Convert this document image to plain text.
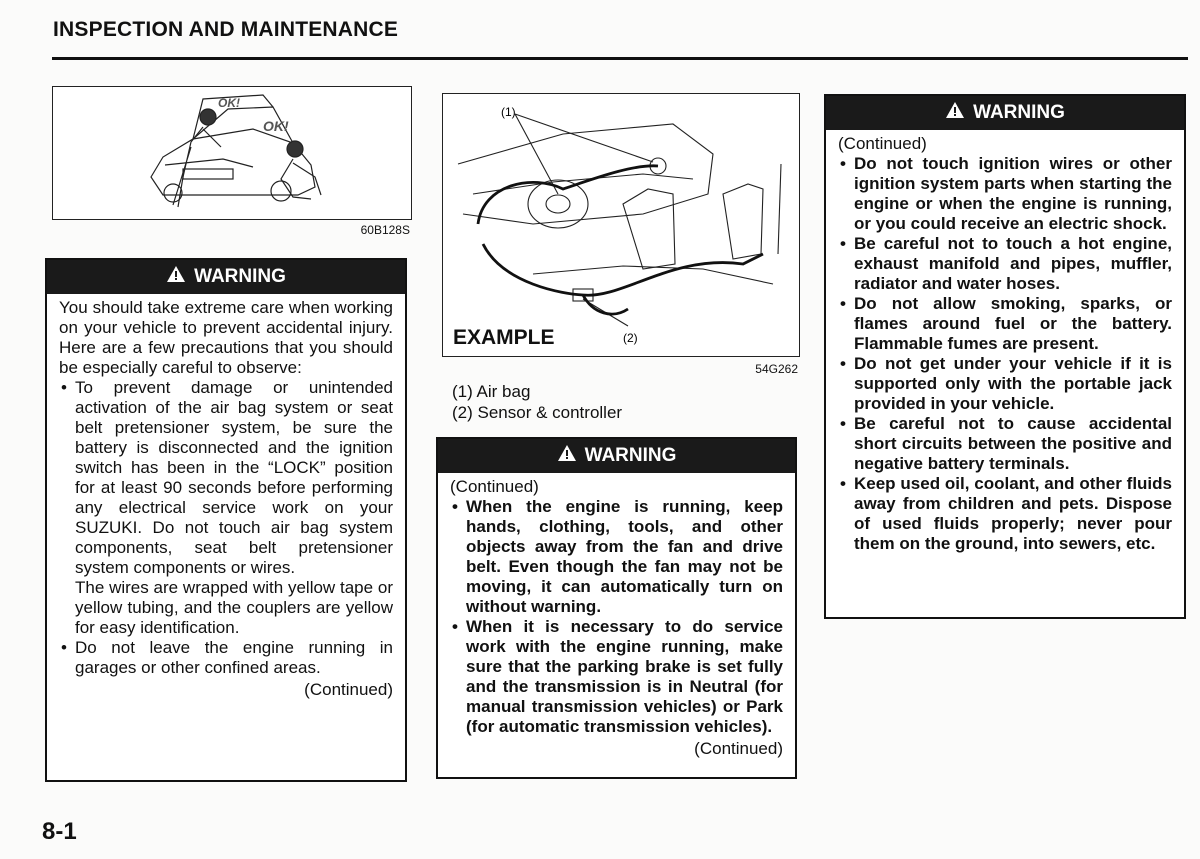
INSPECTION AND MAINTENANCE
OK!
OK!
60B128S
WARNING
You should take extreme care when working on your vehicle to prevent accidental injury. Here are a few precautions that you should be especially careful to observe:
• To prevent damage or unintended activation of the air bag system or seat belt pretensioner system, be sure the battery is disconnected and the ignition switch has been in the “LOCK” position for at least 90 seconds before performing any electrical service work on your SUZUKI. Do not touch air bag system components, seat belt pretensioner system components or wires.
The wires are wrapped with yellow tape or yellow tubing, and the couplers are yellow for easy identification.
• Do not leave the engine running in garages or other confined areas.
(Continued)
(1)
(2)
EXAMPLE
54G262
(1) Air bag
(2) Sensor & controller
WARNING
(Continued)
• When the engine is running, keep hands, clothing, tools, and other objects away from the fan and drive belt. Even though the fan may not be moving, it can automatically turn on without warning.
• When it is necessary to do service work with the engine running, make sure that the parking brake is set fully and the transmission is in Neutral (for manual transmission vehicles) or Park (for automatic transmission vehicles).
(Continued)
WARNING
(Continued)
• Do not touch ignition wires or other ignition system parts when starting the engine or when the engine is running, or you could receive an electric shock.
• Be careful not to touch a hot engine, exhaust manifold and pipes, muffler, radiator and water hoses.
• Do not allow smoking, sparks, or flames around fuel or the battery. Flammable fumes are present.
• Do not get under your vehicle if it is supported only with the portable jack provided in your vehicle.
• Be careful not to cause accidental short circuits between the positive and negative battery terminals.
• Keep used oil, coolant, and other fluids away from children and pets. Dispose of used fluids properly; never pour them on the ground, into sewers, etc.
8-1
